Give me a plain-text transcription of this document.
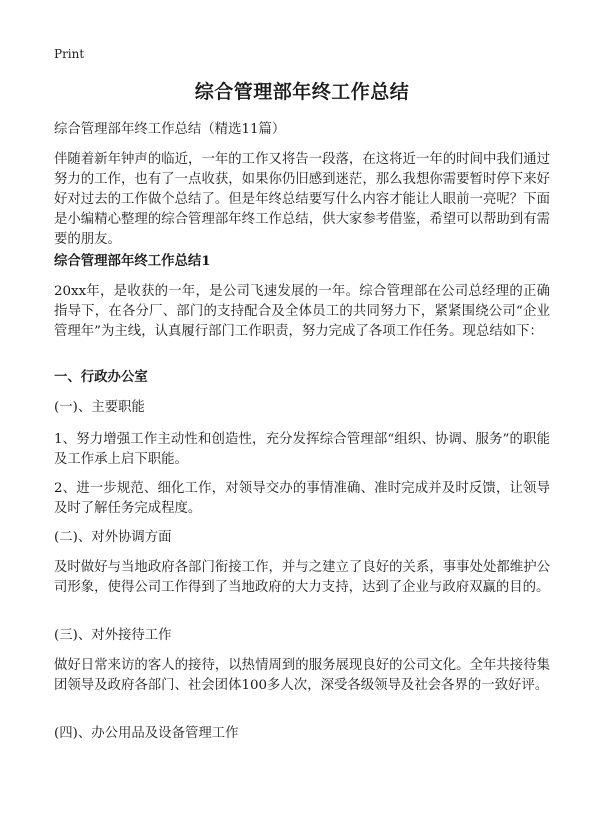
Print
综合管理部年终工作总结

综合管理部年终工作总结（精选11篇）

伴随着新年钟声的临近，一年的工作又将告一段落，在这将近一年的时间中我们通过努力的工作，也有了一点收获，如果你仍旧感到迷茫，那么我想你需要暂时停下来好好对过去的工作做个总结了。但是年终总结要写什么内容才能让人眼前一亮呢？下面是小编精心整理的综合管理部年终工作总结，供大家参考借鉴，希望可以帮助到有需要的朋友。

综合管理部年终工作总结1

20xx年，是收获的一年，是公司飞速发展的一年。综合管理部在公司总经理的正确指导下，在各分厂、部门的支持配合及全体员工的共同努力下，紧紧围绕公司“企业管理年”为主线，认真履行部门工作职责，努力完成了各项工作任务。现总结如下：

一、行政办公室

(一)、主要职能

1、努力增强工作主动性和创造性，充分发挥综合管理部“组织、协调、服务”的职能及工作承上启下职能。

2、进一步规范、细化工作，对领导交办的事情准确、准时完成并及时反馈，让领导及时了解任务完成程度。

(二)、对外协调方面

及时做好与当地政府各部门衔接工作，并与之建立了良好的关系，事事处处都维护公司形象，使得公司工作得到了当地政府的大力支持，达到了企业与政府双赢的目的。

(三)、对外接待工作

做好日常来访的客人的接待，以热情周到的服务展现良好的公司文化。全年共接待集团领导及政府各部门、社会团体100多人次，深受各级领导及社会各界的一致好评。

(四)、办公用品及设备管理工作
